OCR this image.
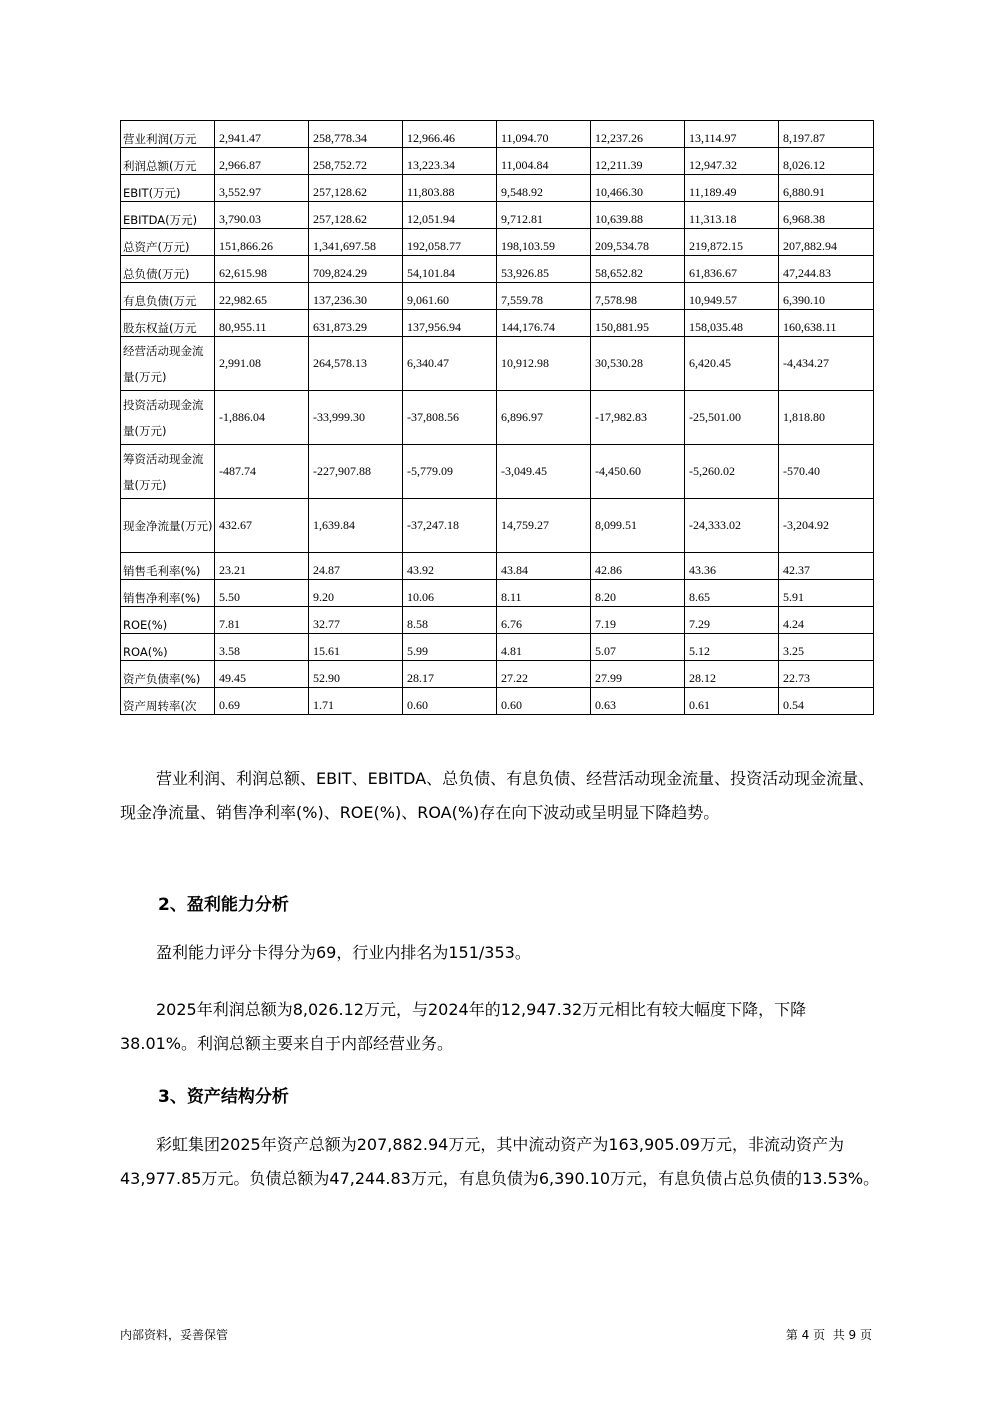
营业利润(万元	2,941.47	258,778.34	12,966.46	11,094.70	12,237.26	13,114.97	8,197.87
利润总额(万元	2,966.87	258,752.72	13,223.34	11,004.84	12,211.39	12,947.32	8,026.12
EBIT(万元)	3,552.97	257,128.62	11,803.88	9,548.92	10,466.30	11,189.49	6,880.91
EBITDA(万元)	3,790.03	257,128.62	12,051.94	9,712.81	10,639.88	11,313.18	6,968.38
总资产(万元)	151,866.26	1,341,697.58	192,058.77	198,103.59	209,534.78	219,872.15	207,882.94
总负债(万元)	62,615.98	709,824.29	54,101.84	53,926.85	58,652.82	61,836.67	47,244.83
有息负债(万元	22,982.65	137,236.30	9,061.60	7,559.78	7,578.98	10,949.57	6,390.10
股东权益(万元	80,955.11	631,873.29	137,956.94	144,176.74	150,881.95	158,035.48	160,638.11
经营活动现金流量(万元)	2,991.08	264,578.13	6,340.47	10,912.98	30,530.28	6,420.45	-4,434.27
投资活动现金流量(万元)	-1,886.04	-33,999.30	-37,808.56	6,896.97	-17,982.83	-25,501.00	1,818.80
筹资活动现金流量(万元)	-487.74	-227,907.88	-5,779.09	-3,049.45	-4,450.60	-5,260.02	-570.40
现金净流量(万元)	432.67	1,639.84	-37,247.18	14,759.27	8,099.51	-24,333.02	-3,204.92
销售毛利率(%)	23.21	24.87	43.92	43.84	42.86	43.36	42.37
销售净利率(%)	5.50	9.20	10.06	8.11	8.20	8.65	5.91
ROE(%)	7.81	32.77	8.58	6.76	7.19	7.29	4.24
ROA(%)	3.58	15.61	5.99	4.81	5.07	5.12	3.25
资产负债率(%)	49.45	52.90	28.17	27.22	27.99	28.12	22.73
资产周转率(次	0.69	1.71	0.60	0.60	0.63	0.61	0.54
营业利润、利润总额、EBIT、EBITDA、总负债、有息负债、经营活动现金流量、投资活动现金流量、现金净流量、销售净利率(%)、ROE(%)、ROA(%)存在向下波动或呈明显下降趋势。
2、盈利能力分析
盈利能力评分卡得分为69，行业内排名为151/353。
2025年利润总额为8,026.12万元，与2024年的12,947.32万元相比有较大幅度下降，下降38.01%。利润总额主要来自于内部经营业务。
3、资产结构分析
彩虹集团2025年资产总额为207,882.94万元，其中流动资产为163,905.09万元，非流动资产为43,977.85万元。负债总额为47,244.83万元，有息负债为6,390.10万元，有息负债占总负债的13.53%。
内部资料，妥善保管	第 4 页  共 9 页
